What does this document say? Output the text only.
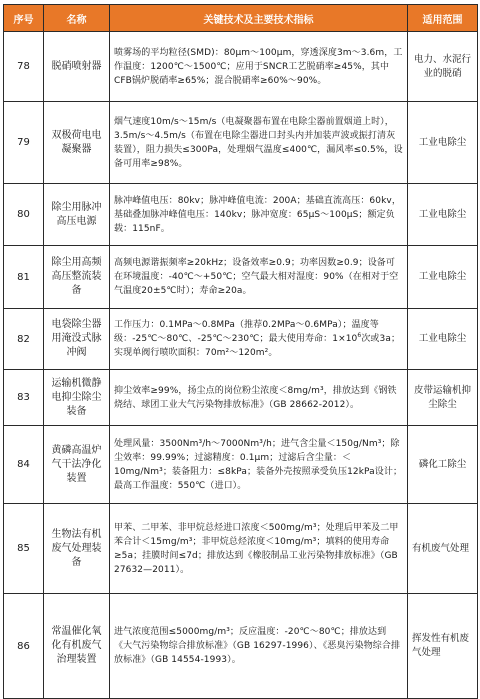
序号	名称	关键技术及主要技术指标	适用范围
78	脱硝喷射器	喷雾场的平均粒径(SMD)：80μm～100μm，穿透深度3m～3.6m，工作温度：1200℃～1500℃；应用于SNCR工艺脱硝率≥45%，其中CFB锅炉脱硝率≥65%；混合脱硝率≥60%～90%。	电力、水泥行业的脱硝
79	双极荷电电凝聚器	烟气速度10m/s～15m/s（电凝聚器布置在电除尘器前置烟道上时），3.5m/s～4.5m/s（布置在电除尘器进口封头内并加装声波或振打清灰装置），阻力损失≤300Pa，处理烟气温度≤400℃，漏风率≤0.5%，设备可用率≥98%。	工业电除尘
80	除尘用脉冲高压电源	脉冲峰值电压：80kv；脉冲峰值电流：200A；基础直流高压：60kv，基础叠加脉冲峰值电压：140kv；脉冲宽度：65μS～100μS；额定负载：115nF。	工业电除尘
81	除尘用高频高压整流装备	高频电源谐振频率≥20kHz；设备效率≥0.9；功率因数≥0.9；设备可在环境温度：-40℃～+50℃；空气最大相对湿度：90%（在相对于空气温度20±5℃时）；寿命≥20a。	工业电除尘
82	电袋除尘器用淹没式脉冲阀	工作压力：0.1MPa～0.8MPa（推荐0.2MPa～0.6MPa）；温度等级：-25℃～80℃、-25℃～230℃；最大使用寿命：$1\times 10^6$次或3a；实现单阀行喷吹面积：70m²～120m²。	工业电除尘
83	运输机微静电抑尘除尘装备	抑尘效率≥99%，扬尘点的岗位粉尘浓度＜8mg/m³，排放达到《钢铁烧结、球团工业大气污染物排放标准》（GB 28662-2012）。	皮带运输机抑尘除尘
84	黄磷高温炉气干法净化装置	处理风量：3500Nm³/h～7000Nm³/h；进气含尘量＜150g/Nm³；除尘效率：99.99%；过滤精度：0.1μm；过滤后含尘量：＜10mg/Nm³；装备阻力：≤8kPa；装备外壳按照承受负压12kPa设计；最高工作温度：550℃（进口）。	磷化工除尘
85	生物法有机废气处理装备	甲苯、二甲苯、非甲烷总烃进口浓度＜500mg/m³；处理后甲苯及二甲苯合计＜15mg/m³；非甲烷总烃浓度＜10mg/m³；填料的使用寿命≥5a；挂膜时间≤7d；排放达到《橡胶制品工业污染物排放标准》（GB 27632—2011）。	有机废气处理
86	常温催化氧化有机废气治理装置	进气浓度范围≤5000mg/m³；反应温度：-20℃～80℃；排放达到《大气污染物综合排放标准》（GB 16297-1996）、《恶臭污染物综合排放标准》（GB 14554-1993）。	挥发性有机废气处理
